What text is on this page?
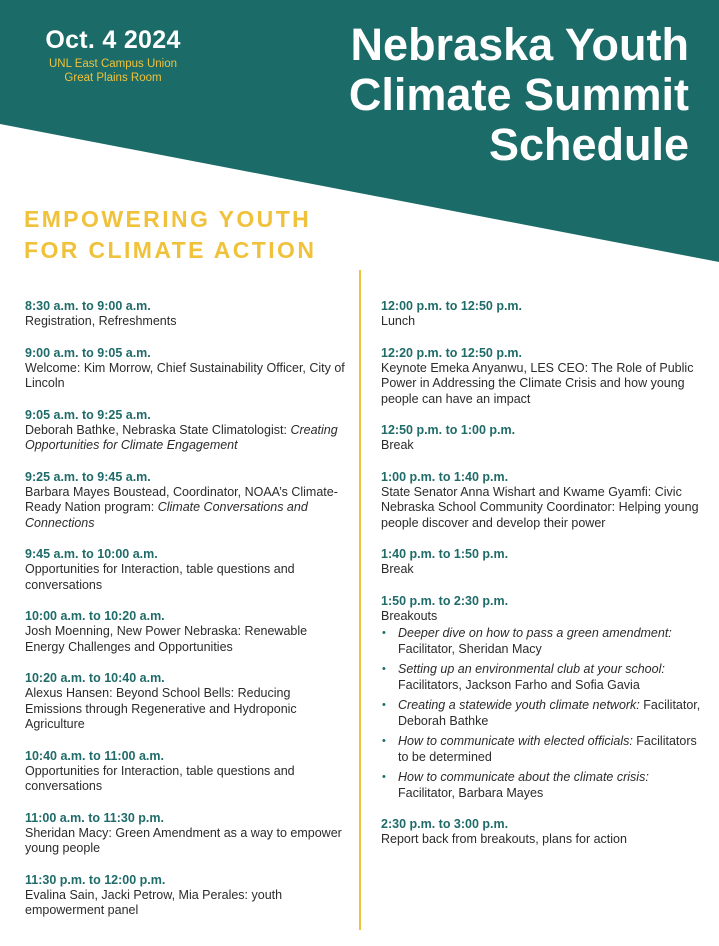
Oct. 4 2024
UNL East Campus Union
Great Plains Room
Nebraska Youth
Climate Summit
Schedule
EMPOWERING YOUTH
FOR CLIMATE ACTION
8:30 a.m. to 9:00 a.m.
Registration, Refreshments
9:00 a.m. to 9:05 a.m.
Welcome: Kim Morrow, Chief Sustainability Officer, City of Lincoln
9:05 a.m. to 9:25 a.m.
Deborah Bathke, Nebraska State Climatologist: Creating Opportunities for Climate Engagement
9:25 a.m. to 9:45 a.m.
Barbara Mayes Boustead, Coordinator, NOAA’s Climate-Ready Nation program: Climate Conversations and Connections
9:45 a.m. to 10:00 a.m.
Opportunities for Interaction, table questions and conversations
10:00 a.m. to 10:20 a.m.
Josh Moenning, New Power Nebraska: Renewable Energy Challenges and Opportunities
10:20 a.m. to 10:40 a.m.
Alexus Hansen: Beyond School Bells: Reducing Emissions through Regenerative and Hydroponic Agriculture
10:40 a.m. to 11:00 a.m.
Opportunities for Interaction, table questions and conversations
11:00 a.m. to 11:30 p.m.
Sheridan Macy: Green Amendment as a way to empower young people
11:30 p.m. to 12:00 p.m.
Evalina Sain, Jacki Petrow, Mia Perales: youth empowerment panel
12:00 p.m. to 12:50 p.m.
Lunch
12:20 p.m. to 12:50 p.m.
Keynote Emeka Anyanwu, LES CEO: The Role of Public Power in Addressing the Climate Crisis and how young people can have an impact
12:50 p.m. to 1:00 p.m.
Break
1:00 p.m. to 1:40 p.m.
State Senator Anna Wishart and Kwame Gyamfi: Civic Nebraska School Community Coordinator: Helping young people discover and develop their power
1:40 p.m. to 1:50 p.m.
Break
1:50 p.m. to 2:30 p.m.
Breakouts
• Deeper dive on how to pass a green amendment: Facilitator, Sheridan Macy
• Setting up an environmental club at your school: Facilitators, Jackson Farho and Sofia Gavia
• Creating a statewide youth climate network: Facilitator, Deborah Bathke
• How to communicate with elected officials: Facilitators to be determined
• How to communicate about the climate crisis: Facilitator, Barbara Mayes
2:30 p.m. to 3:00 p.m.
Report back from breakouts, plans for action
